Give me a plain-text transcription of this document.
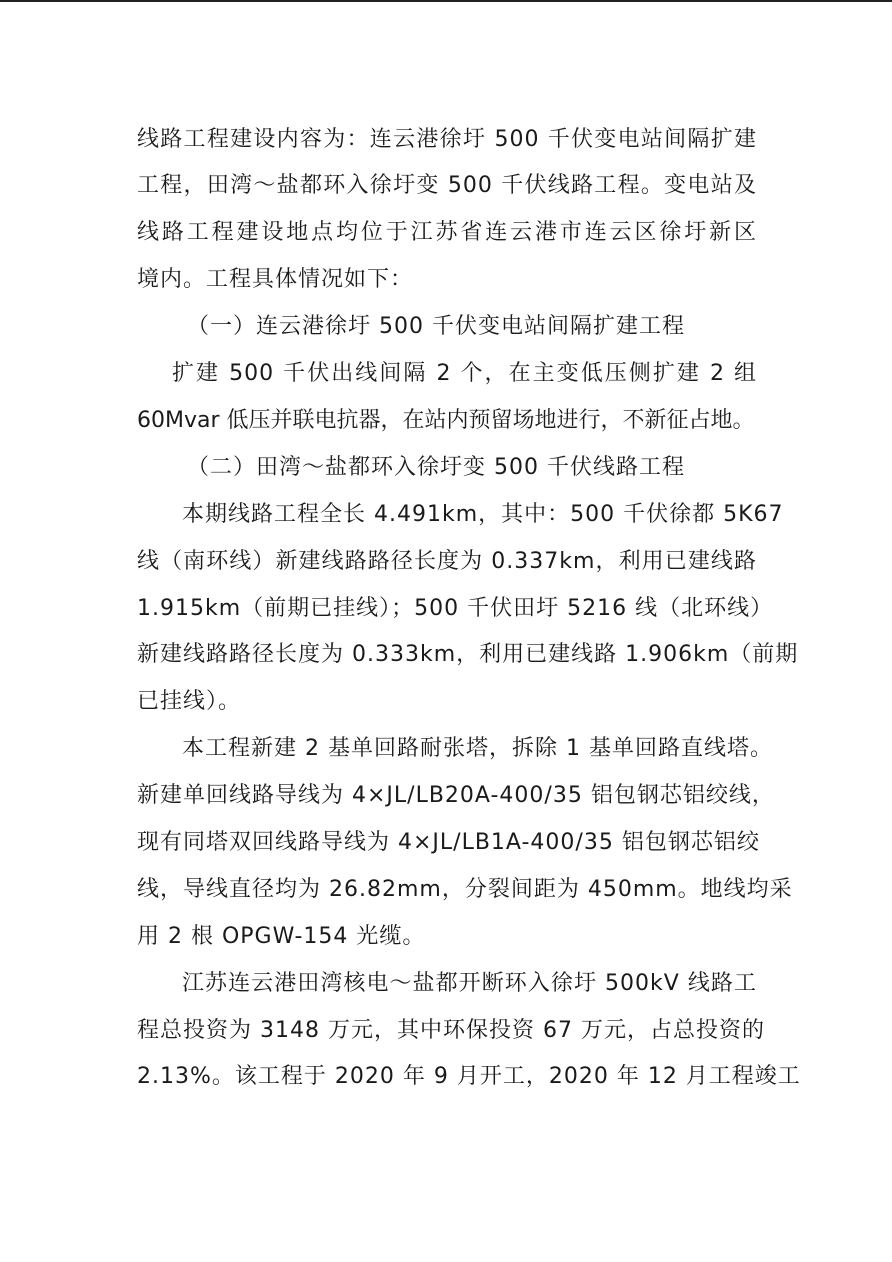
线路工程建设内容为：连云港徐圩 500 千伏变电站间隔扩建
工程，田湾～盐都环入徐圩变 500 千伏线路工程。变电站及
线路工程建设地点均位于江苏省连云港市连云区徐圩新区
境内。工程具体情况如下：
（一）连云港徐圩 500 千伏变电站间隔扩建工程
扩建 500 千伏出线间隔 2 个，在主变低压侧扩建 2 组
60Mvar 低压并联电抗器，在站内预留场地进行，不新征占地。
（二）田湾～盐都环入徐圩变 500 千伏线路工程
本期线路工程全长 4.491km，其中：500 千伏徐都 5K67
线（南环线）新建线路路径长度为 0.337km，利用已建线路
1.915km（前期已挂线）；500 千伏田圩 5216 线（北环线）
新建线路路径长度为 0.333km，利用已建线路 1.906km（前期
已挂线）。
本工程新建 2 基单回路耐张塔，拆除 1 基单回路直线塔。
新建单回线路导线为 4×JL/LB20A-400/35 铝包钢芯铝绞线，
现有同塔双回线路导线为 4×JL/LB1A-400/35 铝包钢芯铝绞
线，导线直径均为 26.82mm，分裂间距为 450mm。地线均采
用 2 根 OPGW-154 光缆。
江苏连云港田湾核电～盐都开断环入徐圩 500kV 线路工
程总投资为 3148 万元，其中环保投资 67 万元，占总投资的
2.13%。该工程于 2020 年 9 月开工，2020 年 12 月工程竣工
